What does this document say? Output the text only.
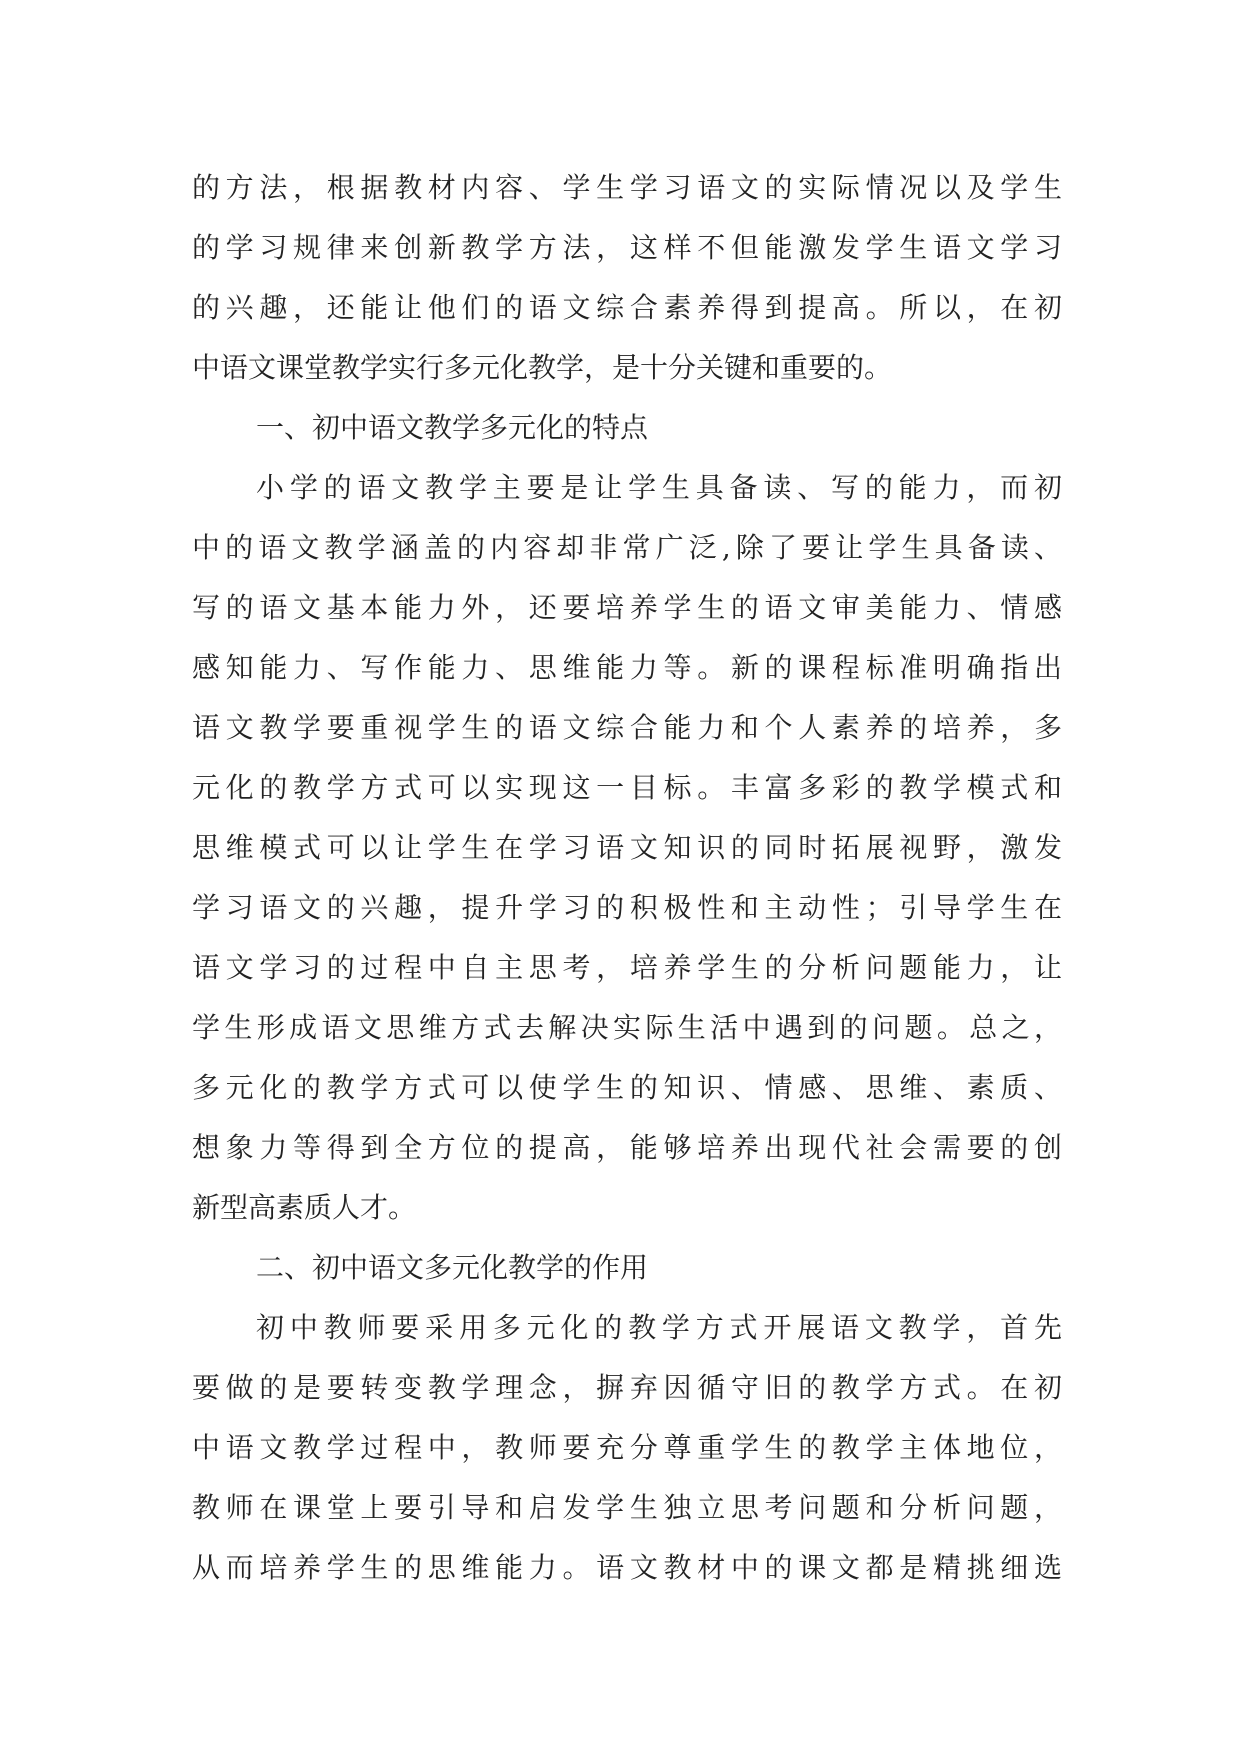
的方法，根据教材内容、学生学习语文的实际情况以及学生
的学习规律来创新教学方法，这样不但能激发学生语文学习
的兴趣，还能让他们的语文综合素养得到提高。所以，在初
中语文课堂教学实行多元化教学，是十分关键和重要的。
一、初中语文教学多元化的特点
小学的语文教学主要是让学生具备读、写的能力，而初
中的语文教学涵盖的内容却非常广泛,除了要让学生具备读、
写的语文基本能力外，还要培养学生的语文审美能力、情感
感知能力、写作能力、思维能力等。新的课程标准明确指出
语文教学要重视学生的语文综合能力和个人素养的培养，多
元化的教学方式可以实现这一目标。丰富多彩的教学模式和
思维模式可以让学生在学习语文知识的同时拓展视野，激发
学习语文的兴趣，提升学习的积极性和主动性；引导学生在
语文学习的过程中自主思考，培养学生的分析问题能力，让
学生形成语文思维方式去解决实际生活中遇到的问题。总之，
多元化的教学方式可以使学生的知识、情感、思维、素质、
想象力等得到全方位的提高，能够培养出现代社会需要的创
新型高素质人才。
二、初中语文多元化教学的作用
初中教师要采用多元化的教学方式开展语文教学，首先
要做的是要转变教学理念，摒弃因循守旧的教学方式。在初
中语文教学过程中，教师要充分尊重学生的教学主体地位，
教师在课堂上要引导和启发学生独立思考问题和分析问题，
从而培养学生的思维能力。语文教材中的课文都是精挑细选
